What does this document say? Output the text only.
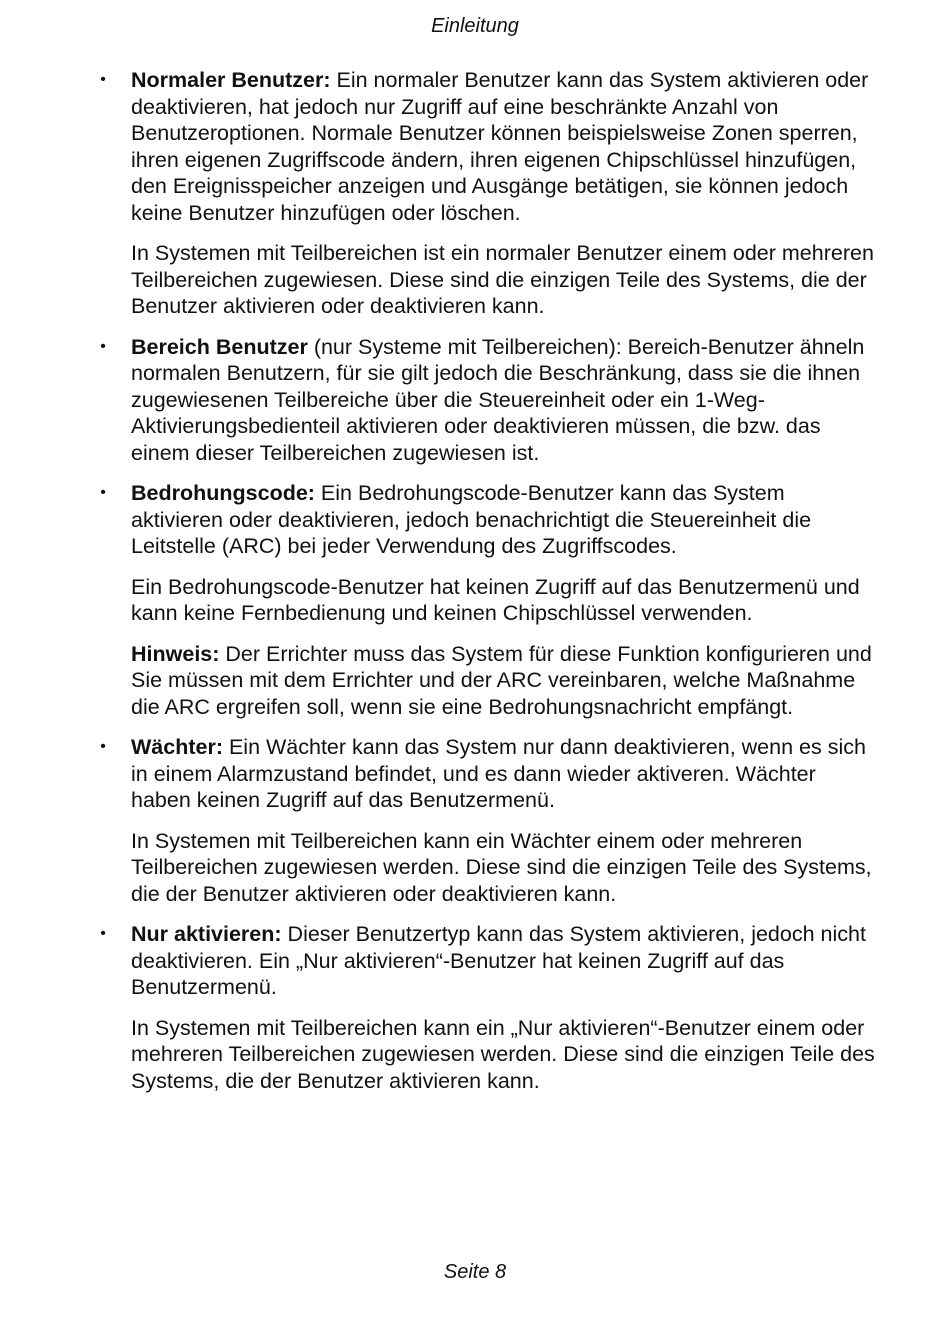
Einleitung
• Normaler Benutzer: Ein normaler Benutzer kann das System aktivieren oder deaktivieren, hat jedoch nur Zugriff auf eine beschränkte Anzahl von Benutzeroptionen. Normale Benutzer können beispielsweise Zonen sperren, ihren eigenen Zugriffscode ändern, ihren eigenen Chipschlüssel hinzufügen, den Ereignisspeicher anzeigen und Ausgänge betätigen, sie können jedoch keine Benutzer hinzufügen oder löschen.

In Systemen mit Teilbereichen ist ein normaler Benutzer einem oder mehreren Teilbereichen zugewiesen. Diese sind die einzigen Teile des Systems, die der Benutzer aktivieren oder deaktivieren kann.

• Bereich Benutzer (nur Systeme mit Teilbereichen): Bereich-Benutzer ähneln normalen Benutzern, für sie gilt jedoch die Beschränkung, dass sie die ihnen zugewiesenen Teilbereiche über die Steuereinheit oder ein 1-Weg-Aktivierungsbedienteil aktivieren oder deaktivieren müssen, die bzw. das einem dieser Teilbereichen zugewiesen ist.

• Bedrohungscode: Ein Bedrohungscode-Benutzer kann das System aktivieren oder deaktivieren, jedoch benachrichtigt die Steuereinheit die Leitstelle (ARC) bei jeder Verwendung des Zugriffscodes.

Ein Bedrohungscode-Benutzer hat keinen Zugriff auf das Benutzermenü und kann keine Fernbedienung und keinen Chipschlüssel verwenden.

Hinweis: Der Errichter muss das System für diese Funktion konfigurieren und Sie müssen mit dem Errichter und der ARC vereinbaren, welche Maßnahme die ARC ergreifen soll, wenn sie eine Bedrohungsnachricht empfängt.

• Wächter: Ein Wächter kann das System nur dann deaktivieren, wenn es sich in einem Alarmzustand befindet, und es dann wieder aktiveren. Wächter haben keinen Zugriff auf das Benutzermenü.

In Systemen mit Teilbereichen kann ein Wächter einem oder mehreren Teilbereichen zugewiesen werden. Diese sind die einzigen Teile des Systems, die der Benutzer aktivieren oder deaktivieren kann.

• Nur aktivieren: Dieser Benutzertyp kann das System aktivieren, jedoch nicht deaktivieren. Ein „Nur aktivieren“-Benutzer hat keinen Zugriff auf das Benutzermenü.

In Systemen mit Teilbereichen kann ein „Nur aktivieren“-Benutzer einem oder mehreren Teilbereichen zugewiesen werden. Diese sind die einzigen Teile des Systems, die der Benutzer aktivieren kann.

Seite 8
